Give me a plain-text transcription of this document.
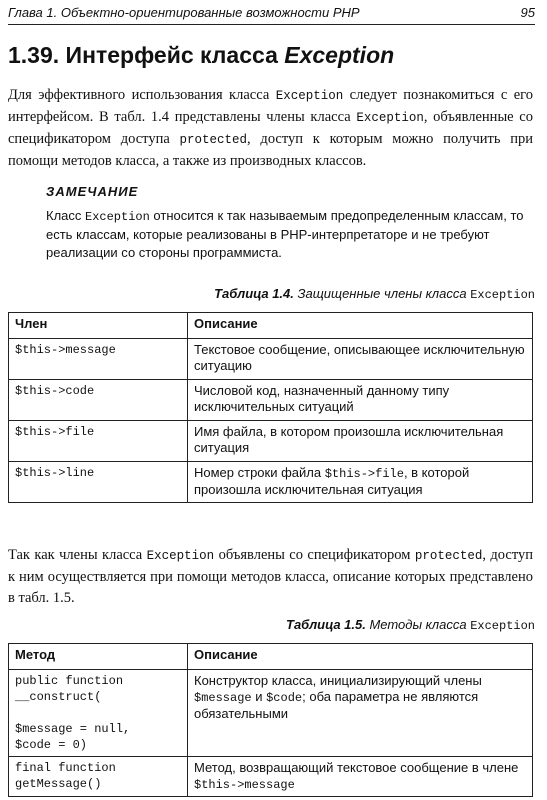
Глава 1. Объектно-ориентированные возможности PHP	95
1.39. Интерфейс класса Exception
Для эффективного использования класса Exception следует познакомиться с его интерфейсом. В табл. 1.4 представлены члены класса Exception, объявленные со спецификатором доступа protected, доступ к которым можно получить при помощи методов класса, а также из производных классов.
ЗАМЕЧАНИЕ
Класс Exception относится к так называемым предопределенным классам, то есть классам, которые реализованы в PHP-интерпретаторе и не требуют реализации со стороны программиста.
Таблица 1.4. Защищенные члены класса Exception
Член	Описание
$this->message	Текстовое сообщение, описывающее исключительную ситуацию
$this->code	Числовой код, назначенный данному типу исключительных ситуаций
$this->file	Имя файла, в котором произошла исключительная ситуация
$this->line	Номер строки файла $this->file, в которой произошла исключительная ситуация
Так как члены класса Exception объявлены со спецификатором protected, доступ к ним осуществляется при помощи методов класса, описание которых представлено в табл. 1.5.
Таблица 1.5. Методы класса Exception
Метод	Описание
public function
__construct(

$message = null,
$code = 0)	Конструктор класса, инициализирующий члены $message и $code; оба параметра не являются обязательными
final function
getMessage()	Метод, возвращающий текстовое сообщение в члене $this->message
